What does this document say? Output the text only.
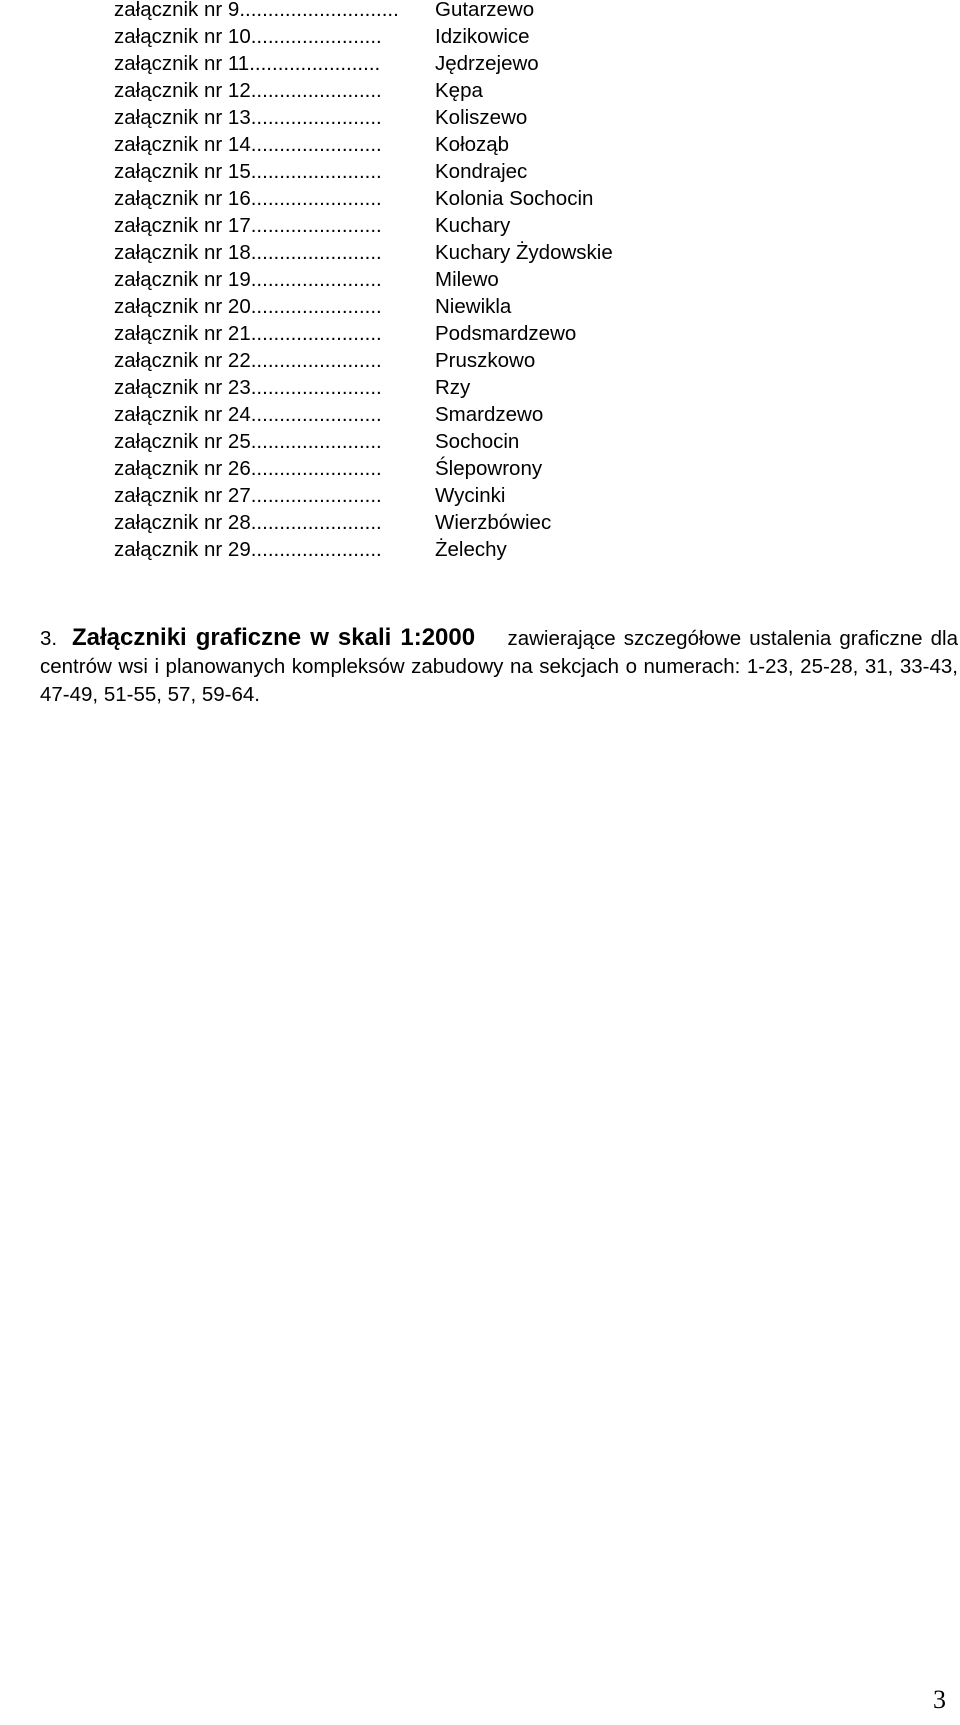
załącznik nr 9............................	Gutarzewo
załącznik nr 10.......................	Idzikowice
załącznik nr 11.......................	Jędrzejewo
załącznik nr 12.......................	Kępa
załącznik nr 13.......................	Koliszewo
załącznik nr 14.......................	Kołoząb
załącznik nr 15.......................	Kondrajec
załącznik nr 16.......................	Kolonia Sochocin
załącznik nr 17.......................	Kuchary
załącznik nr 18.......................	Kuchary Żydowskie
załącznik nr 19.......................	Milewo
załącznik nr 20.......................	Niewikla
załącznik nr 21.......................	Podsmardzewo
załącznik nr 22.......................	Pruszkowo
załącznik nr 23.......................	Rzy
załącznik nr 24.......................	Smardzewo
załącznik nr 25.......................	Sochocin
załącznik nr 26.......................	Ślepowrony
załącznik nr 27.......................	Wycinki
załącznik nr 28.......................	Wierzbówiec
załącznik nr 29.......................	Żelechy
3. Załączniki graficzne w skali 1:2000 zawierające szczegółowe ustalenia graficzne dla centrów wsi i planowanych kompleksów zabudowy na sekcjach o numerach: 1-23, 25-28, 31, 33-43, 47-49, 51-55, 57, 59-64.
3
